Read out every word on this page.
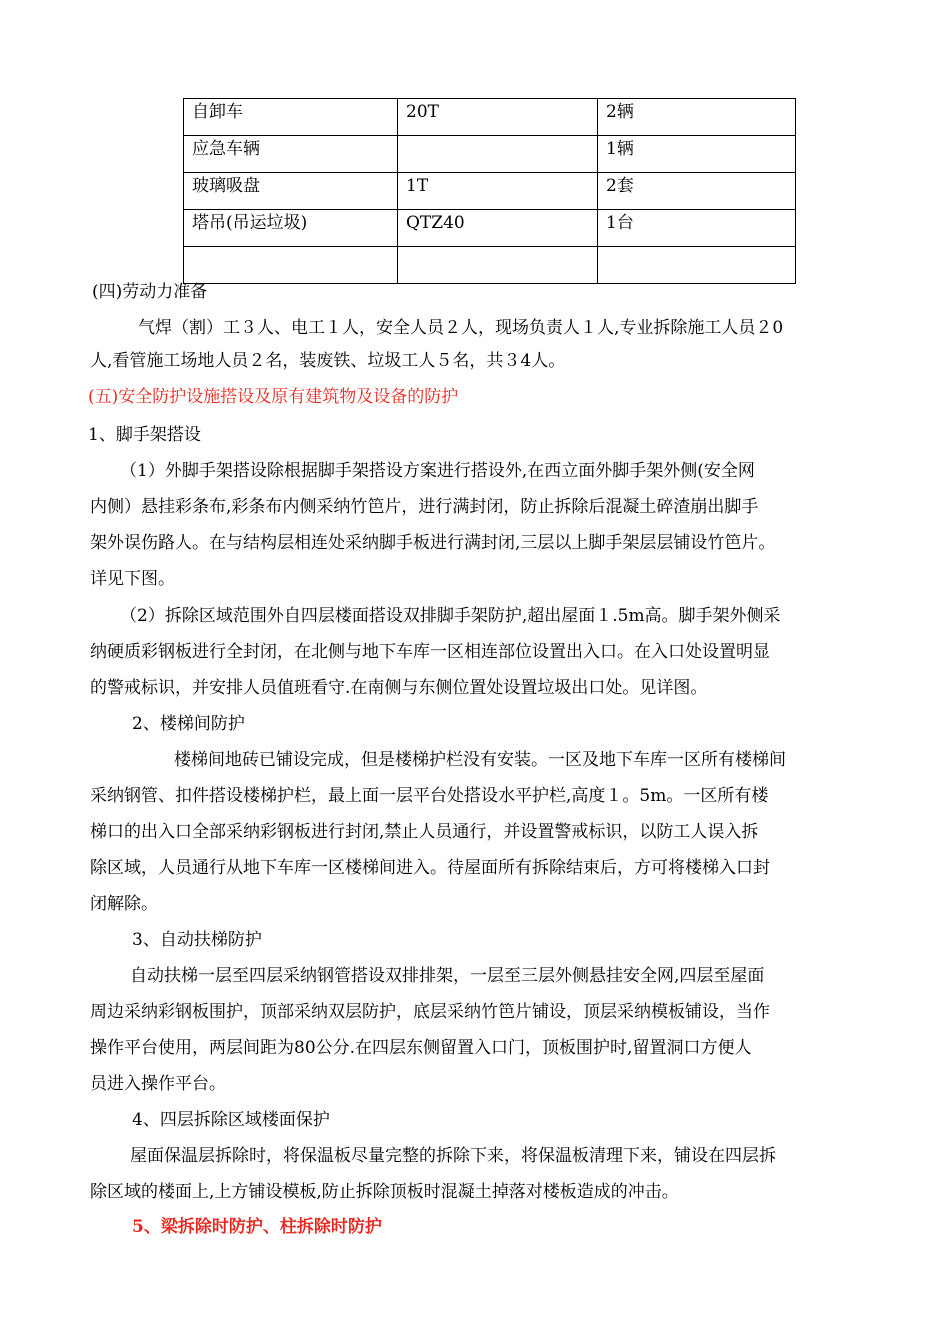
自卸车	20T	2辆
应急车辆		1辆
玻璃吸盘	1T	2套
塔吊(吊运垃圾)	QTZ40	1台

(四)劳动力准备
气焊（割）工３人、电工１人，安全人员２人，现场负责人１人,专业拆除施工人员２0
人,看管施工场地人员２名，装废铁、垃圾工人５名，共３4人。
(五)安全防护设施搭设及原有建筑物及设备的防护
1、脚手架搭设
（1）外脚手架搭设除根据脚手架搭设方案进行搭设外,在西立面外脚手架外侧(安全网
内侧）悬挂彩条布,彩条布内侧采纳竹笆片，进行满封闭，防止拆除后混凝土碎渣崩出脚手
架外误伤路人。在与结构层相连处采纳脚手板进行满封闭,三层以上脚手架层层铺设竹笆片。
详见下图。
（2）拆除区域范围外自四层楼面搭设双排脚手架防护,超出屋面１.5m高。脚手架外侧采
纳硬质彩钢板进行全封闭，在北侧与地下车库一区相连部位设置出入口。在入口处设置明显
的警戒标识，并安排人员值班看守.在南侧与东侧位置处设置垃圾出口处。见详图。
2、楼梯间防护
楼梯间地砖已铺设完成，但是楼梯护栏没有安装。一区及地下车库一区所有楼梯间
采纳钢管、扣件搭设楼梯护栏，最上面一层平台处搭设水平护栏,高度１。5m。一区所有楼
梯口的出入口全部采纳彩钢板进行封闭,禁止人员通行，并设置警戒标识，以防工人误入拆
除区域，人员通行从地下车库一区楼梯间进入。待屋面所有拆除结束后，方可将楼梯入口封
闭解除。
3、自动扶梯防护
自动扶梯一层至四层采纳钢管搭设双排排架，一层至三层外侧悬挂安全网,四层至屋面
周边采纳彩钢板围护，顶部采纳双层防护，底层采纳竹笆片铺设，顶层采纳模板铺设，当作
操作平台使用，两层间距为80公分.在四层东侧留置入口门，顶板围护时,留置洞口方便人
员进入操作平台。
4、四层拆除区域楼面保护
屋面保温层拆除时，将保温板尽量完整的拆除下来，将保温板清理下来，铺设在四层拆
除区域的楼面上,上方铺设模板,防止拆除顶板时混凝土掉落对楼板造成的冲击。
5、梁拆除时防护、柱拆除时防护
